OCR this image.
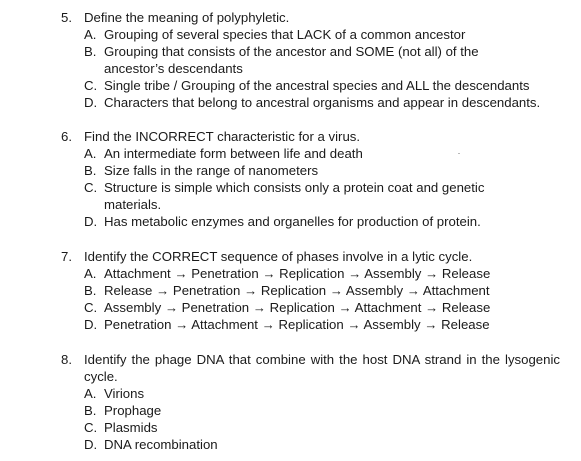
5. Define the meaning of polyphyletic.
A. Grouping of several species that LACK of a common ancestor
B. Grouping that consists of the ancestor and SOME (not all) of the ancestor’s descendants
C. Single tribe / Grouping of the ancestral species and ALL the descendants
D. Characters that belong to ancestral organisms and appear in descendants.
6. Find the INCORRECT characteristic for a virus.
A. An intermediate form between life and death
B. Size falls in the range of nanometers
C. Structure is simple which consists only a protein coat and genetic materials.
D. Has metabolic enzymes and organelles for production of protein.
7. Identify the CORRECT sequence of phases involve in a lytic cycle.
A. Attachment → Penetration → Replication → Assembly → Release
B. Release → Penetration → Replication → Assembly → Attachment
C. Assembly → Penetration → Replication → Attachment → Release
D. Penetration → Attachment → Replication → Assembly → Release
8. Identify the phage DNA that combine with the host DNA strand in the lysogenic cycle.
A. Virions
B. Prophage
C. Plasmids
D. DNA recombination
